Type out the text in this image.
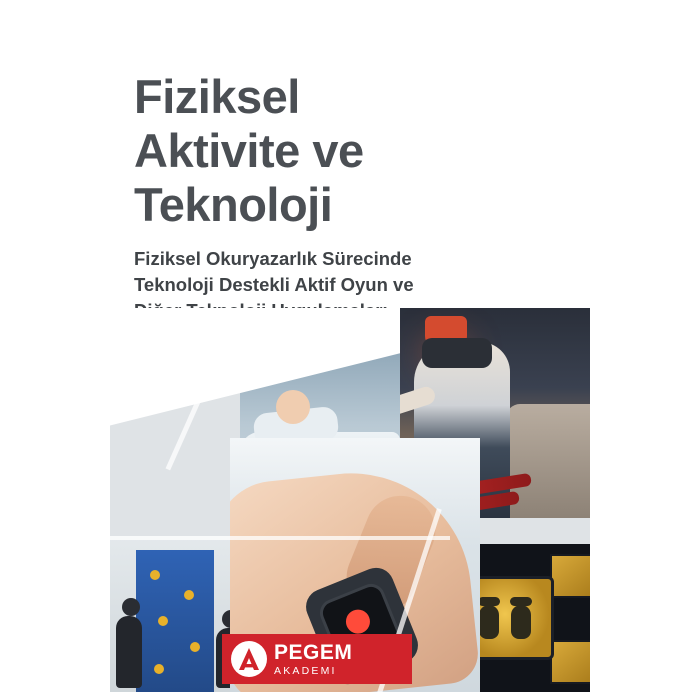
Fiziksel
Aktivite ve
Teknoloji
Fiziksel Okuryazarlık Sürecinde
Teknoloji Destekli Aktif Oyun ve
PEGEM
AKADEMI
